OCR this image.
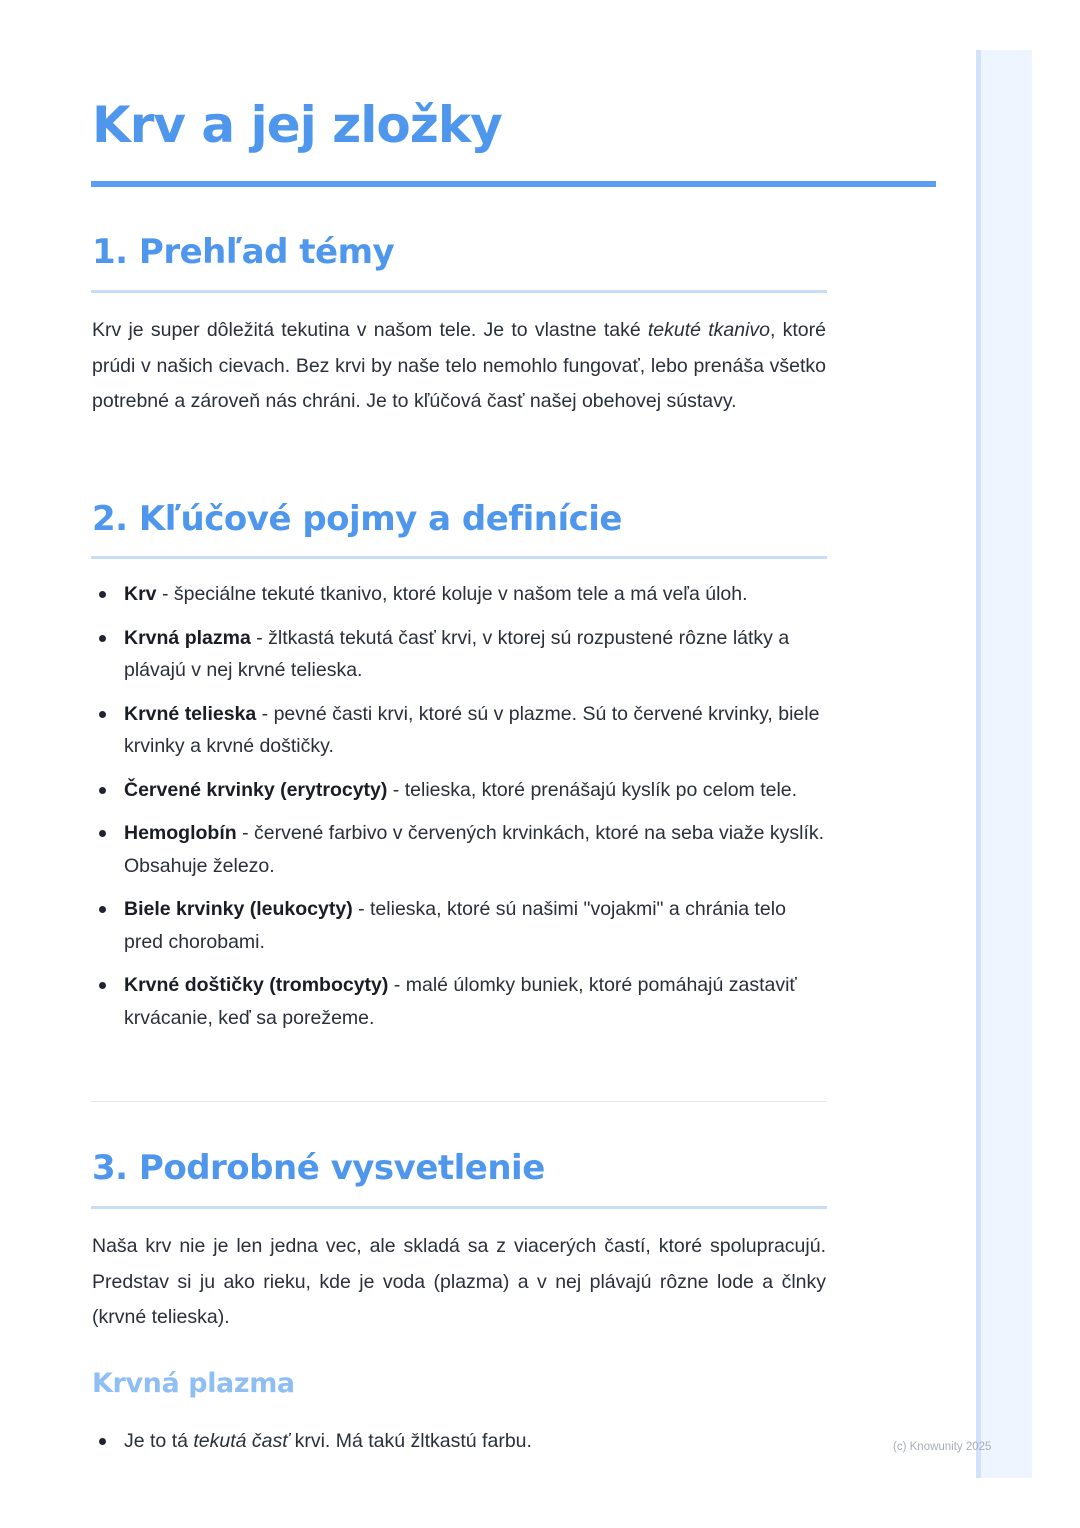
Krv a jej zložky
1. Prehľad témy

Krv je super dôležitá tekutina v našom tele. Je to vlastne také tekuté tkanivo, ktoré prúdi v našich cievach. Bez krvi by naše telo nemohlo fungovať, lebo prenáša všetko potrebné a zároveň nás chráni. Je to kľúčová časť našej obehovej sústavy.

2. Kľúčové pojmy a definície
Krv - špeciálne tekuté tkanivo, ktoré koluje v našom tele a má veľa úloh.
Krvná plazma - žltkastá tekutá časť krvi, v ktorej sú rozpustené rôzne látky a plávajú v nej krvné telieska.
Krvné telieska - pevné časti krvi, ktoré sú v plazme. Sú to červené krvinky, biele krvinky a krvné doštičky.
Červené krvinky (erytrocyty) - telieska, ktoré prenášajú kyslík po celom tele.
Hemoglobín - červené farbivo v červených krvinkách, ktoré na seba viaže kyslík. Obsahuje železo.
Biele krvinky (leukocyty) - telieska, ktoré sú našimi "vojakmi" a chránia telo pred chorobami.
Krvné doštičky (trombocyty) - malé úlomky buniek, ktoré pomáhajú zastaviť krvácanie, keď sa porežeme.
3. Podrobné vysvetlenie

Naša krv nie je len jedna vec, ale skladá sa z viacerých častí, ktoré spolupracujú. Predstav si ju ako rieku, kde je voda (plazma) a v nej plávajú rôzne lode a člnky (krvné telieska).

Krvná plazma
Je to tá tekutá časť krvi. Má takú žltkastú farbu.	(c) Knowunity 2025
